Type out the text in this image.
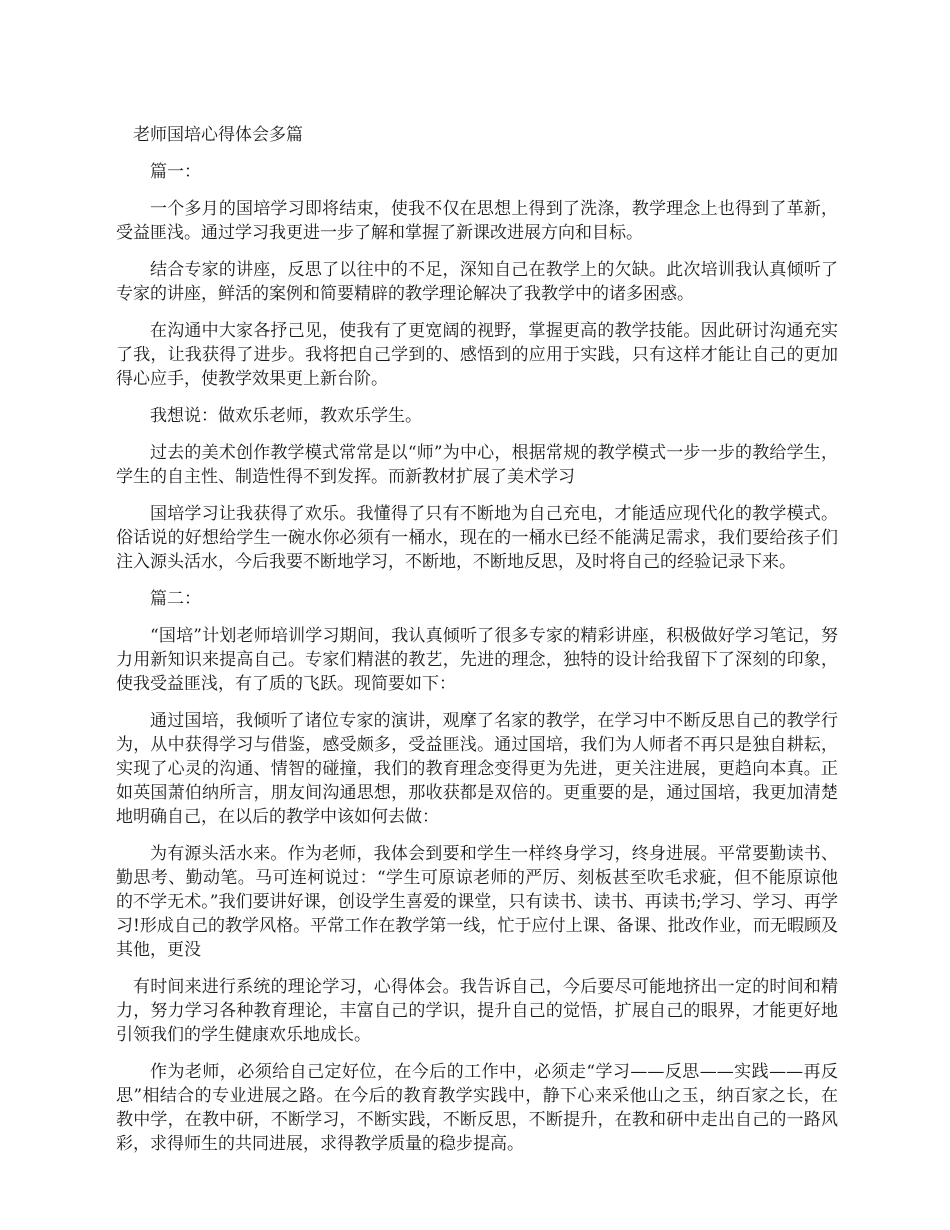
老师国培心得体会多篇

篇一：

一个多月的国培学习即将结束，使我不仅在思想上得到了洗涤，教学理念上也得到了革新，受益匪浅。通过学习我更进一步了解和掌握了新课改进展方向和目标。

结合专家的讲座，反思了以往中的不足，深知自己在教学上的欠缺。此次培训我认真倾听了专家的讲座，鲜活的案例和简要精辟的教学理论解决了我教学中的诸多困惑。

在沟通中大家各抒己见，使我有了更宽阔的视野，掌握更高的教学技能。因此研讨沟通充实了我，让我获得了进步。我将把自己学到的、感悟到的应用于实践，只有这样才能让自己的更加得心应手，使教学效果更上新台阶。

我想说：做欢乐老师，教欢乐学生。

过去的美术创作教学模式常常是以“师”为中心，根据常规的教学模式一步一步的教给学生，学生的自主性、制造性得不到发挥。而新教材扩展了美术学习

国培学习让我获得了欢乐。我懂得了只有不断地为自己充电，才能适应现代化的教学模式。俗话说的好想给学生一碗水你必须有一桶水，现在的一桶水已经不能满足需求，我们要给孩子们注入源头活水，今后我要不断地学习，不断地，不断地反思，及时将自己的经验记录下来。

篇二：

“国培”计划老师培训学习期间，我认真倾听了很多专家的精彩讲座，积极做好学习笔记，努力用新知识来提高自己。专家们精湛的教艺，先进的理念，独特的设计给我留下了深刻的印象，使我受益匪浅，有了质的飞跃。现简要如下：

通过国培，我倾听了诸位专家的演讲，观摩了名家的教学，在学习中不断反思自己的教学行为，从中获得学习与借鉴，感受颇多，受益匪浅。通过国培，我们为人师者不再只是独自耕耘，实现了心灵的沟通、情智的碰撞，我们的教育理念变得更为先进，更关注进展，更趋向本真。正如英国萧伯纳所言，朋友间沟通思想，那收获都是双倍的。更重要的是，通过国培，我更加清楚地明确自己，在以后的教学中该如何去做：

为有源头活水来。作为老师，我体会到要和学生一样终身学习，终身进展。平常要勤读书、勤思考、勤动笔。马可连柯说过：“学生可原谅老师的严厉、刻板甚至吹毛求疵，但不能原谅他的不学无术。”我们要讲好课，创设学生喜爱的课堂，只有读书、读书、再读书;学习、学习、再学习!形成自己的教学风格。平常工作在教学第一线，忙于应付上课、备课、批改作业，而无暇顾及其他，更没

有时间来进行系统的理论学习，心得体会。我告诉自己，今后要尽可能地挤出一定的时间和精力，努力学习各种教育理论，丰富自己的学识，提升自己的觉悟，扩展自己的眼界，才能更好地引领我们的学生健康欢乐地成长。

作为老师，必须给自己定好位，在今后的工作中，必须走“学习——反思——实践——再反思”相结合的专业进展之路。在今后的教育教学实践中，静下心来采他山之玉，纳百家之长，在教中学，在教中研，不断学习，不断实践，不断反思，不断提升，在教和研中走出自己的一路风彩，求得师生的共同进展，求得教学质量的稳步提高。
